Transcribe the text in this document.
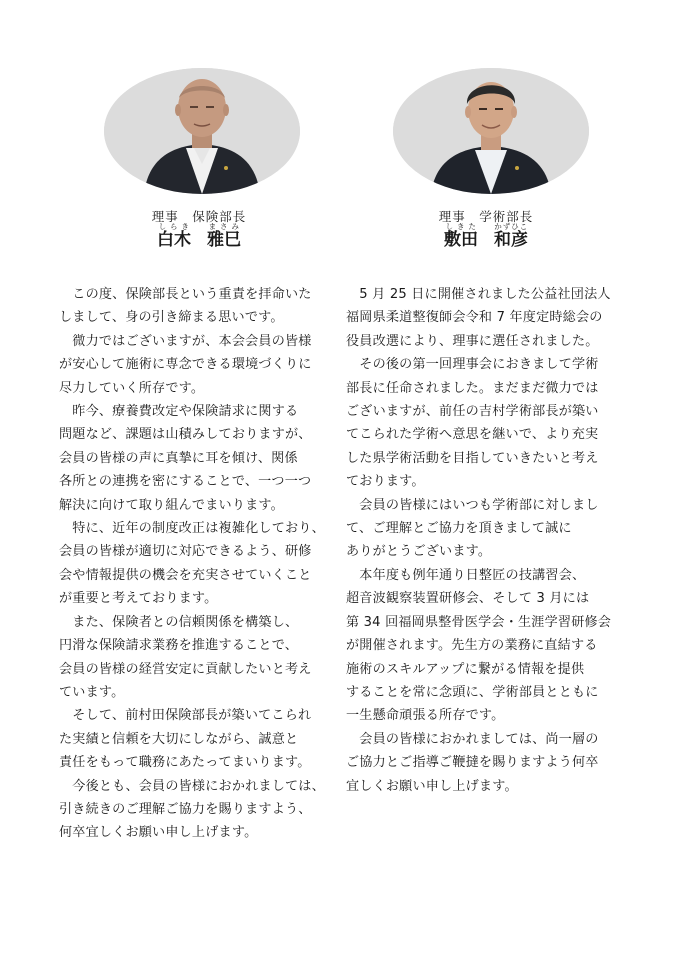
理事　保険部長
白木しらき雅巳まさみ
　この度、保険部長という重責を拝命いた
しまして、身の引き締まる思いです。
　微力ではございますが、本会会員の皆様
が安心して施術に専念できる環境づくりに
尽力していく所存です。
　昨今、療養費改定や保険請求に関する
問題など、課題は山積みしておりますが、
会員の皆様の声に真摯に耳を傾け、関係
各所との連携を密にすることで、一つ一つ
解決に向けて取り組んでまいります。
　特に、近年の制度改正は複雑化しており、
会員の皆様が適切に対応できるよう、研修
会や情報提供の機会を充実させていくこと
が重要と考えております。
　また、保険者との信頼関係を構築し、
円滑な保険請求業務を推進することで、
会員の皆様の経営安定に貢献したいと考え
ています。
　そして、前村田保険部長が築いてこられ
た実績と信頼を大切にしながら、誠意と
責任をもって職務にあたってまいります。
　今後とも、会員の皆様におかれましては、
引き続きのご理解ご協力を賜りますよう、
何卒宜しくお願い申し上げます。
理事　学術部長
敷田しきた和彦かずひこ
　5 月 25 日に開催されました公益社団法人
福岡県柔道整復師会令和 7 年度定時総会の
役員改選により、理事に選任されました。
　その後の第一回理事会におきまして学術
部長に任命されました。まだまだ微力では
ございますが、前任の吉村学術部長が築い
てこられた学術へ意思を継いで、より充実
した県学術活動を目指していきたいと考え
ております。
　会員の皆様にはいつも学術部に対しまし
て、ご理解とご協力を頂きまして誠に
ありがとうございます。
　本年度も例年通り日整匠の技講習会、
超音波観察装置研修会、そして 3 月には
第 34 回福岡県整骨医学会・生涯学習研修会
が開催されます。先生方の業務に直結する
施術のスキルアップに繋がる情報を提供
することを常に念頭に、学術部員とともに
一生懸命頑張る所存です。
　会員の皆様におかれましては、尚一層の
ご協力とご指導ご鞭撻を賜りますよう何卒
宜しくお願い申し上げます。
